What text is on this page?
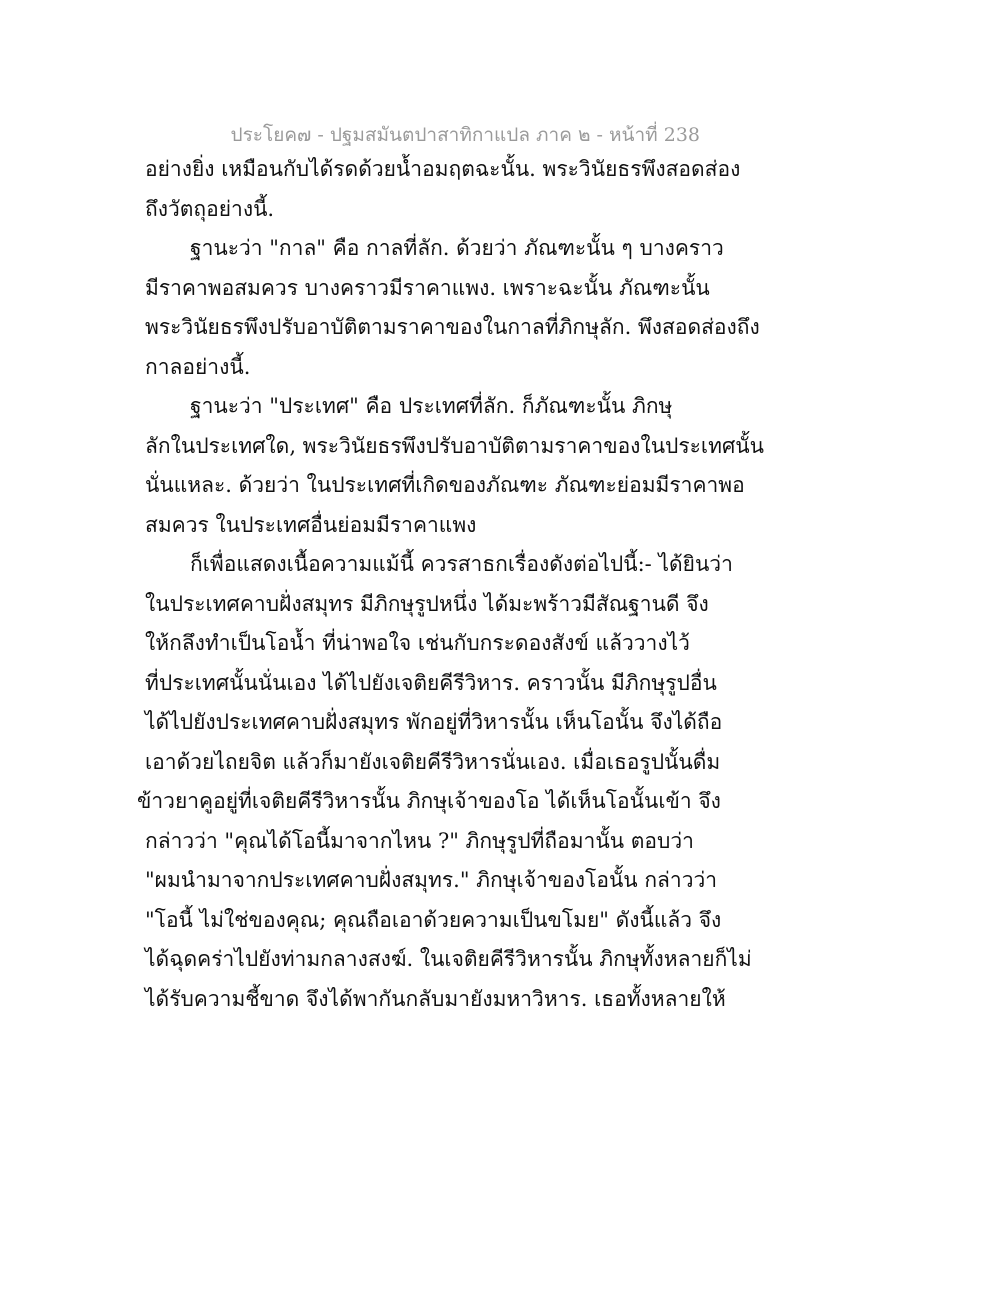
ประโยค๗ - ปฐมสมันตปาสาทิกาแปล ภาค ๒ - หน้าที่ 238
อย่างยิ่ง เหมือนกับได้รดด้วยน้ำอมฤตฉะนั้น. พระวินัยธรพึงสอดส่อง
ถึงวัตถุอย่างนี้.
ฐานะว่า "กาล" คือ กาลที่ลัก. ด้วยว่า ภัณฑะนั้น ๆ บางคราว
มีราคาพอสมควร บางคราวมีราคาแพง. เพราะฉะนั้น ภัณฑะนั้น
พระวินัยธรพึงปรับอาบัติตามราคาของในกาลที่ภิกษุลัก. พึงสอดส่องถึง
กาลอย่างนี้.
ฐานะว่า "ประเทศ" คือ ประเทศที่ลัก. ก็ภัณฑะนั้น ภิกษุ
ลักในประเทศใด, พระวินัยธรพึงปรับอาบัติตามราคาของในประเทศนั้น
นั่นแหละ. ด้วยว่า ในประเทศที่เกิดของภัณฑะ ภัณฑะย่อมมีราคาพอ
สมควร ในประเทศอื่นย่อมมีราคาแพง
ก็เพื่อแสดงเนื้อความแม้นี้ ควรสาธกเรื่องดังต่อไปนี้:- ได้ยินว่า
ในประเทศคาบฝั่งสมุทร มีภิกษุรูปหนึ่ง ได้มะพร้าวมีสัณฐานดี จึง
ให้กลึงทำเป็นโอน้ำ ที่น่าพอใจ เช่นกับกระดองสังข์ แล้ววางไว้
ที่ประเทศนั้นนั่นเอง ได้ไปยังเจติยคีรีวิหาร. คราวนั้น มีภิกษุรูปอื่น
ได้ไปยังประเทศคาบฝั่งสมุทร พักอยู่ที่วิหารนั้น เห็นโอนั้น จึงได้ถือ
เอาด้วยไถยจิต แล้วก็มายังเจติยคีรีวิหารนั่นเอง. เมื่อเธอรูปนั้นดื่ม
ข้าวยาคูอยู่ที่เจติยคีรีวิหารนั้น ภิกษุเจ้าของโอ ได้เห็นโอนั้นเข้า จึง
กล่าวว่า "คุณได้โอนี้มาจากไหน ?" ภิกษุรูปที่ถือมานั้น ตอบว่า
"ผมนำมาจากประเทศคาบฝั่งสมุทร." ภิกษุเจ้าของโอนั้น กล่าวว่า
"โอนี้ ไม่ใช่ของคุณ; คุณถือเอาด้วยความเป็นขโมย" ดังนี้แล้ว จึง
ได้ฉุดคร่าไปยังท่ามกลางสงฆ์. ในเจติยคีรีวิหารนั้น ภิกษุทั้งหลายก็ไม่
ได้รับความชี้ขาด จึงได้พากันกลับมายังมหาวิหาร. เธอทั้งหลายให้
